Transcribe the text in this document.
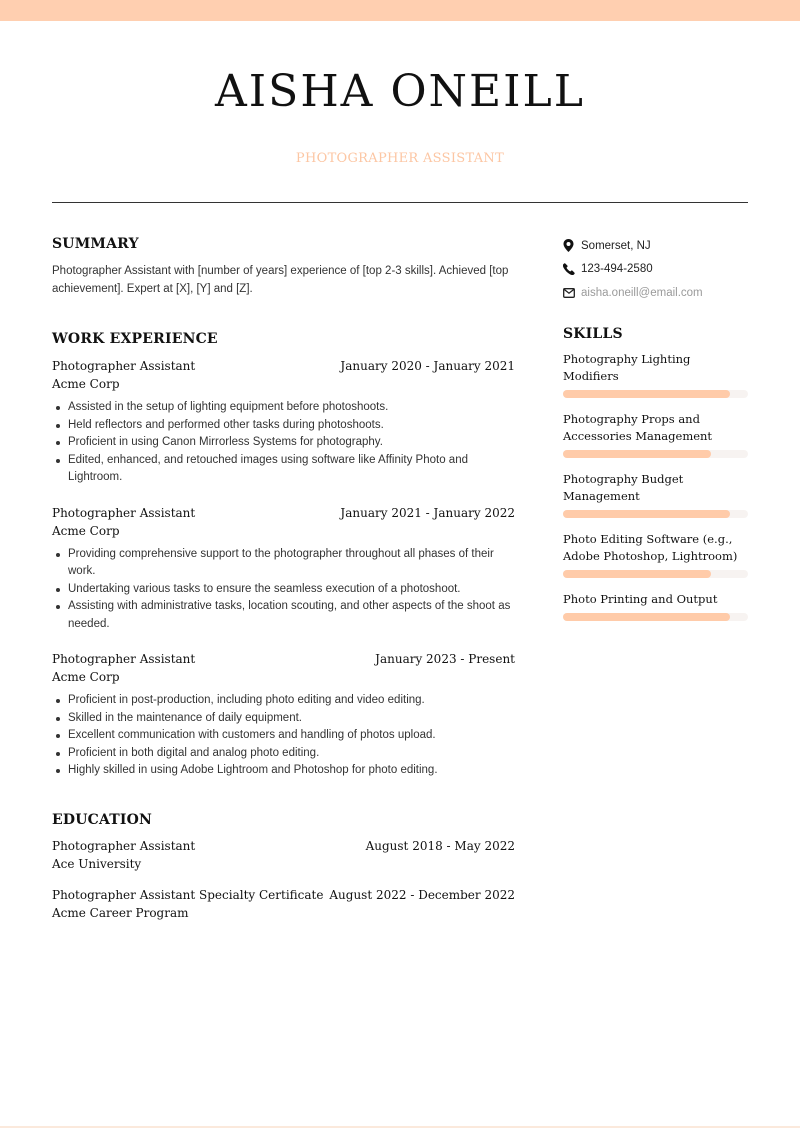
AISHA ONEILL
PHOTOGRAPHER ASSISTANT
SUMMARY

Photographer Assistant with [number of years] experience of [top 2-3 skills]. Achieved [top achievement]. Expert at [X], [Y] and [Z].

WORK EXPERIENCE
Photographer Assistant	January 2020 - January 2021
Acme Corp
Assisted in the setup of lighting equipment before photoshoots.
Held reflectors and performed other tasks during photoshoots.
Proficient in using Canon Mirrorless Systems for photography.
Edited, enhanced, and retouched images using software like Affinity Photo and Lightroom.
Photographer Assistant	January 2021 - January 2022
Acme Corp
Providing comprehensive support to the photographer throughout all phases of their work.
Undertaking various tasks to ensure the seamless execution of a photoshoot.
Assisting with administrative tasks, location scouting, and other aspects of the shoot as needed.
Photographer Assistant	January 2023 - Present
Acme Corp
Proficient in post-production, including photo editing and video editing.
Skilled in the maintenance of daily equipment.
Excellent communication with customers and handling of photos upload.
Proficient in both digital and analog photo editing.
Highly skilled in using Adobe Lightroom and Photoshop for photo editing.
EDUCATION
Photographer Assistant	August 2018 - May 2022
Ace University
Photographer Assistant Specialty Certificate August 2022 - December 2022
Acme Career Program
Somerset, NJ
123-494-2580
aisha.oneill@email.com
SKILLS
Photography Lighting Modifiers
Photography Props and Accessories Management
Photography Budget Management
Photo Editing Software (e.g., Adobe Photoshop, Lightroom)
Photo Printing and Output
